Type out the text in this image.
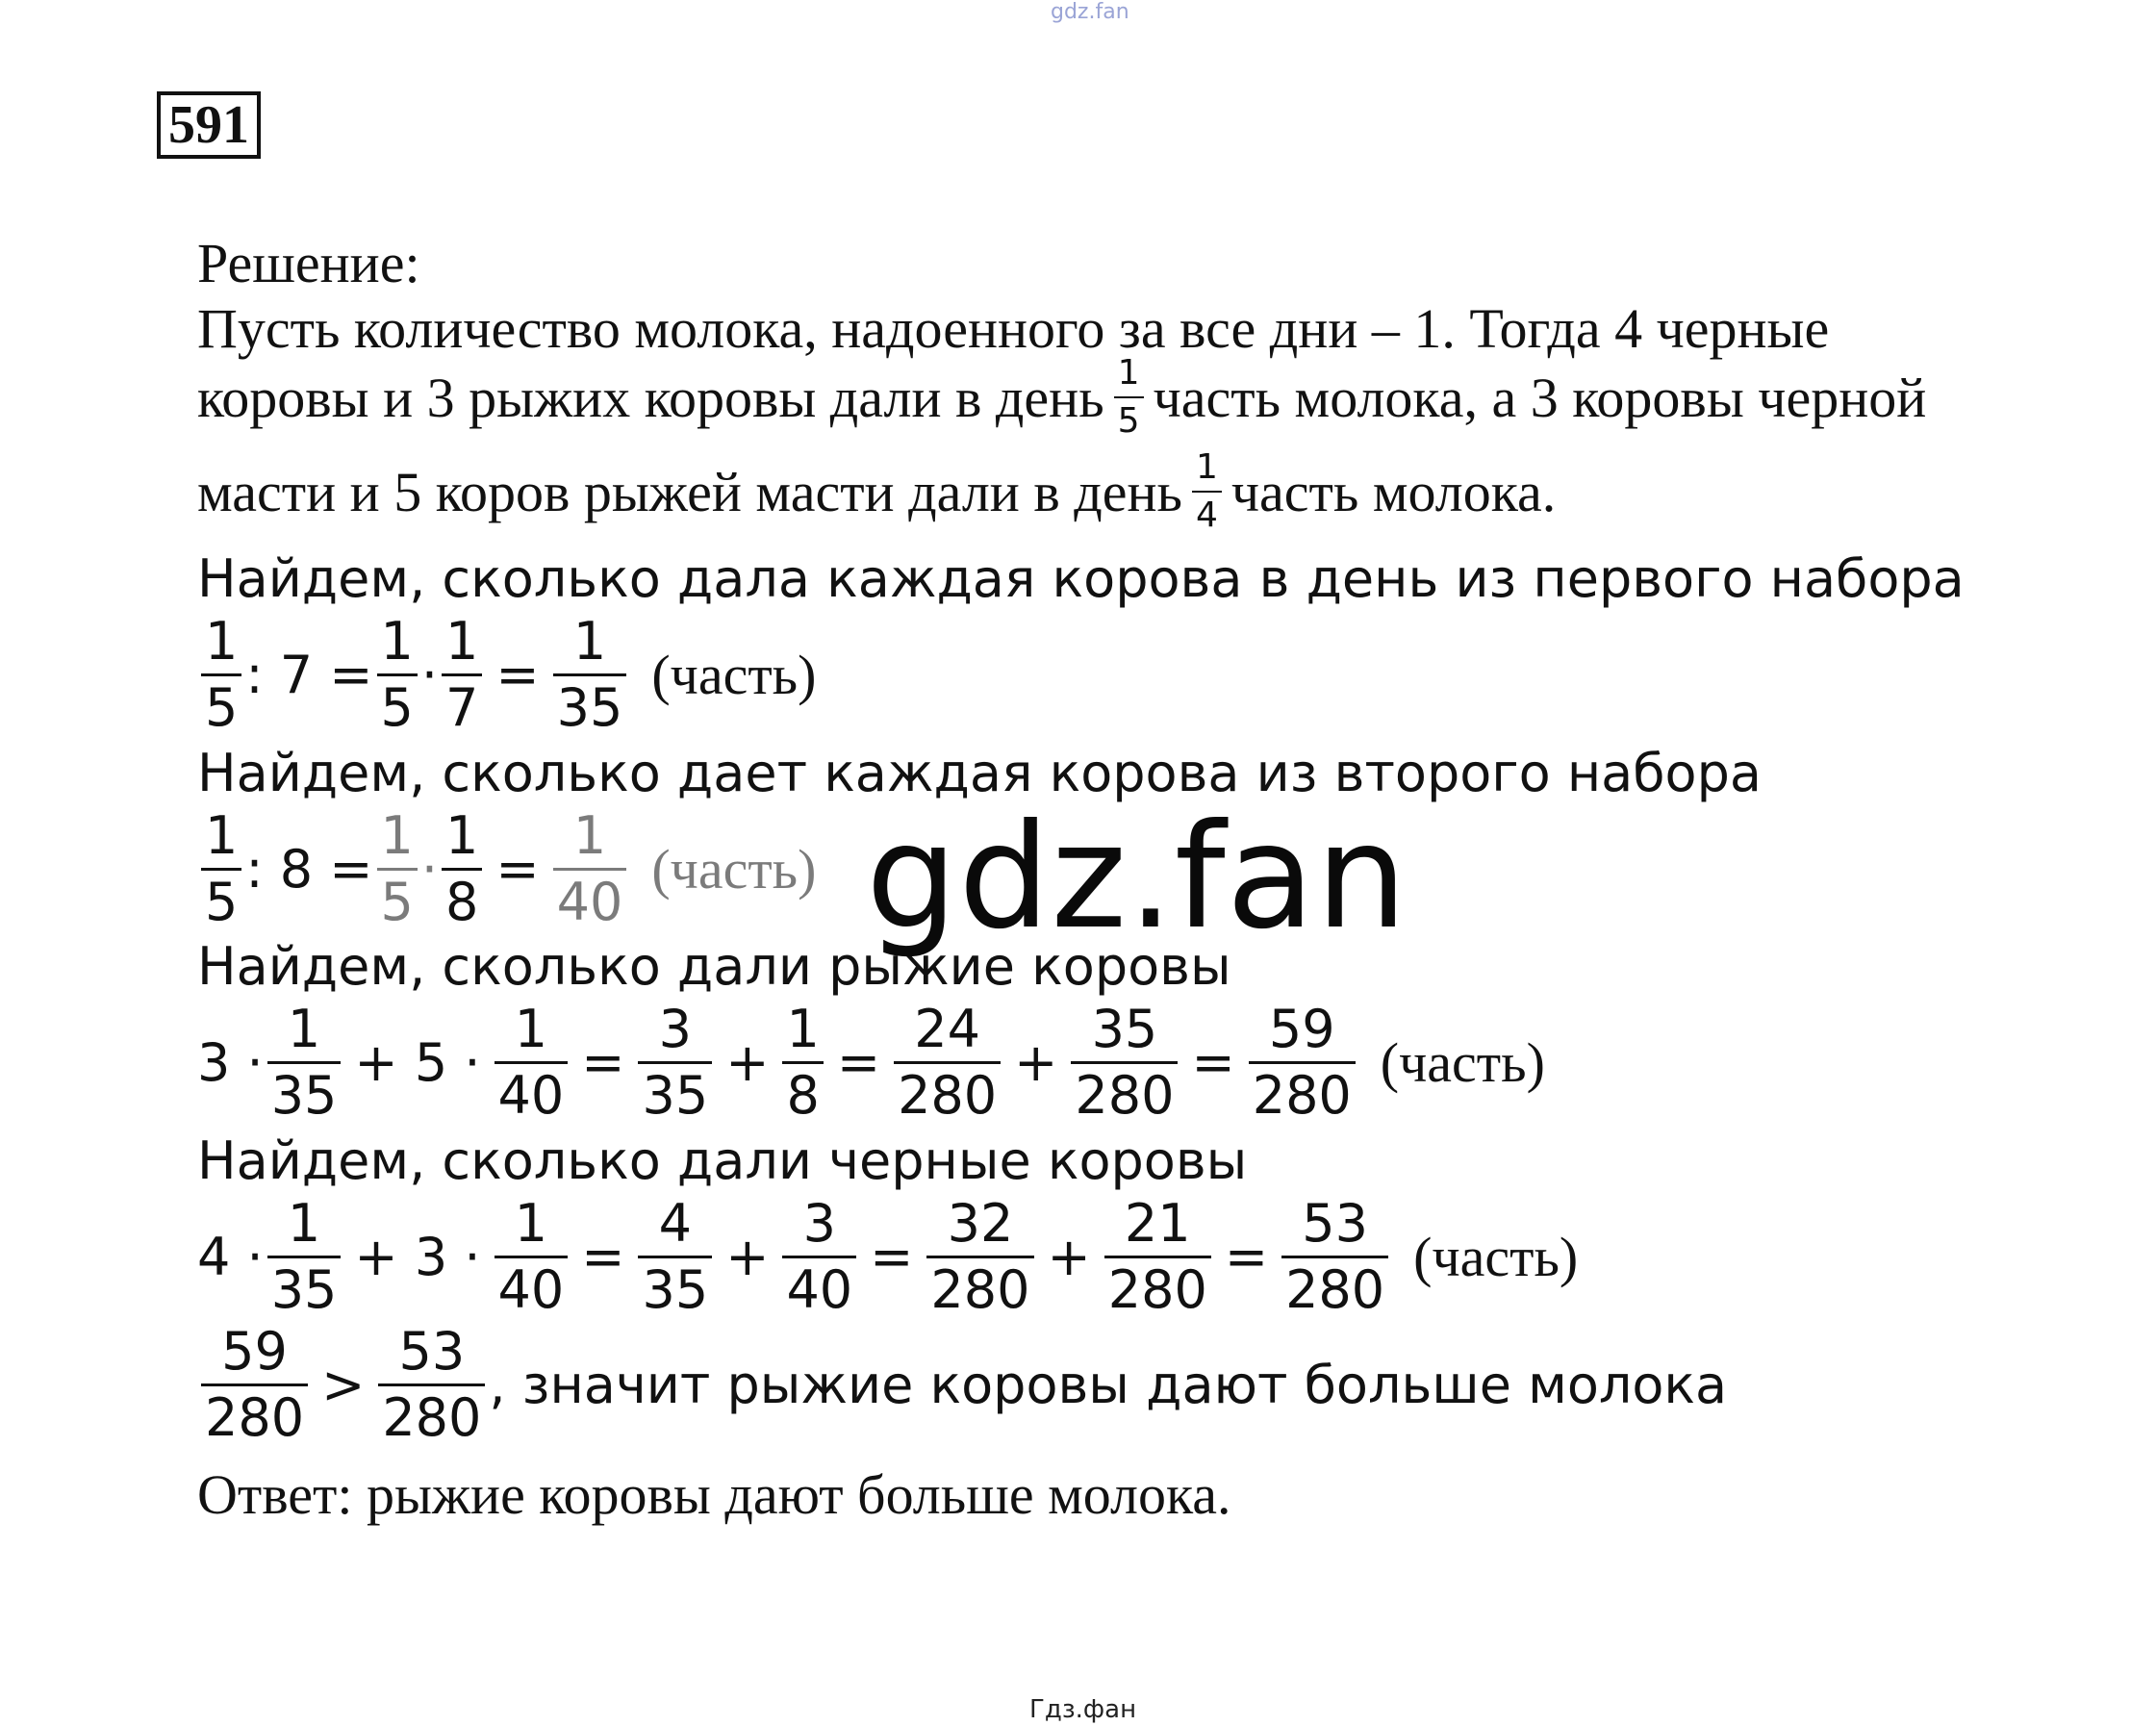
gdz.fan
591
Решение:
Пусть количество молока, надоенного за все дни – 1. Тогда 4 черные
коровы и 3 рыжих коровы дали в день $\frac{1}{5}$ часть молока, а 3 коровы черной
масти и 5 коров рыжей масти дали в день $\frac{1}{4}$ часть молока.
Найдем, сколько дала каждая корова в день из первого набора
$\frac{1}{5}$ : $7 = \frac{1}{5} \cdot \frac{1}{7} = \frac{1}{35}$ (часть)
Найдем, сколько дает каждая корова из второго набора
$\frac{1}{5}$ : $8 = \frac{1}{5} \cdot \frac{1}{8} = \frac{1}{40}$ (часть)
Найдем, сколько дали рыжие коровы
$3 \cdot \frac{1}{35} + 5 \cdot \frac{1}{40} = \frac{3}{35} + \frac{1}{8} = \frac{24}{280} + \frac{35}{280} = \frac{59}{280}$ (часть)
Найдем, сколько дали черные коровы
$4 \cdot \frac{1}{35} + 3 \cdot \frac{1}{40} = \frac{4}{35} + \frac{3}{40} = \frac{32}{280} + \frac{21}{280} = \frac{53}{280}$ (часть)
$\frac{59}{280} > \frac{53}{280}$ , значит рыжие коровы дают больше молока
Ответ: рыжие коровы дают больше молока.
gdz.fan
Гдз.фан
